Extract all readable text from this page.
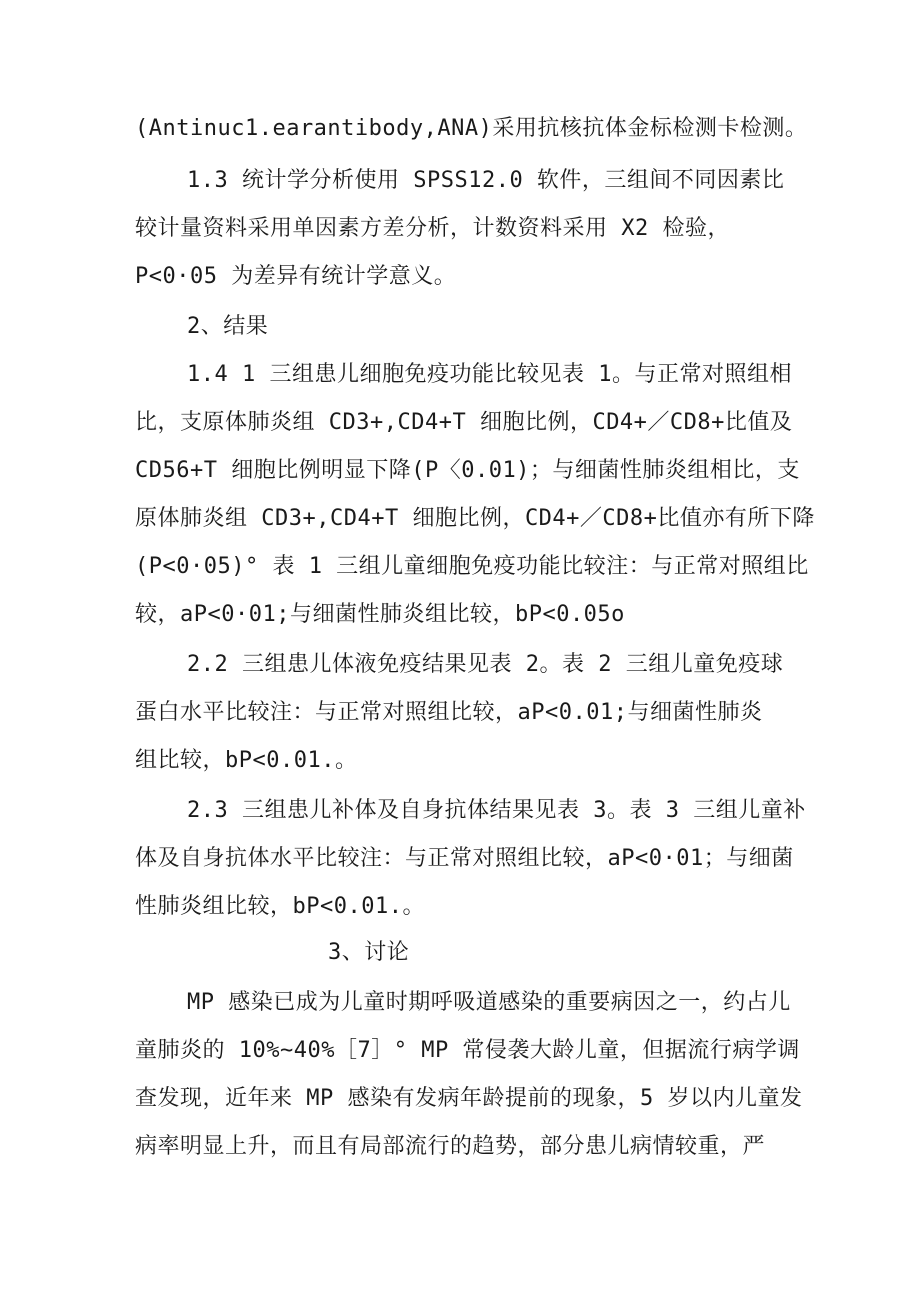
(Antinuc1.earantibody,ANA)采用抗核抗体金标检测卡检测。
1.3 统计学分析使用 SPSS12.0 软件，三组间不同因素比
较计量资料采用单因素方差分析，计数资料采用 X2 检验，
P<0·05 为差异有统计学意义。
2、结果
1.4 1 三组患儿细胞免疫功能比较见表 1。与正常对照组相
比，支原体肺炎组 CD3+,CD4+T 细胞比例，CD4+／CD8+比值及
CD56+T 细胞比例明显下降(P〈0.01)；与细菌性肺炎组相比，支
原体肺炎组 CD3+,CD4+T 细胞比例，CD4+／CD8+比值亦有所下降
(P<0·05)° 表 1 三组儿童细胞免疫功能比较注：与正常对照组比
较，aP<0·01;与细菌性肺炎组比较，bP<0.05o
2.2 三组患儿体液免疫结果见表 2。表 2 三组儿童免疫球
蛋白水平比较注：与正常对照组比较，aP<0.01;与细菌性肺炎
组比较，bP<0.01.。
2.3 三组患儿补体及自身抗体结果见表 3。表 3 三组儿童补
体及自身抗体水平比较注：与正常对照组比较，aP<0·01；与细菌
性肺炎组比较，bP<0.01.。
3、讨论
MP 感染已成为儿童时期呼吸道感染的重要病因之一，约占儿
童肺炎的 10%~40%［7］° MP 常侵袭大龄儿童，但据流行病学调
查发现，近年来 MP 感染有发病年龄提前的现象，5 岁以内儿童发
病率明显上升，而且有局部流行的趋势，部分患儿病情较重，严
